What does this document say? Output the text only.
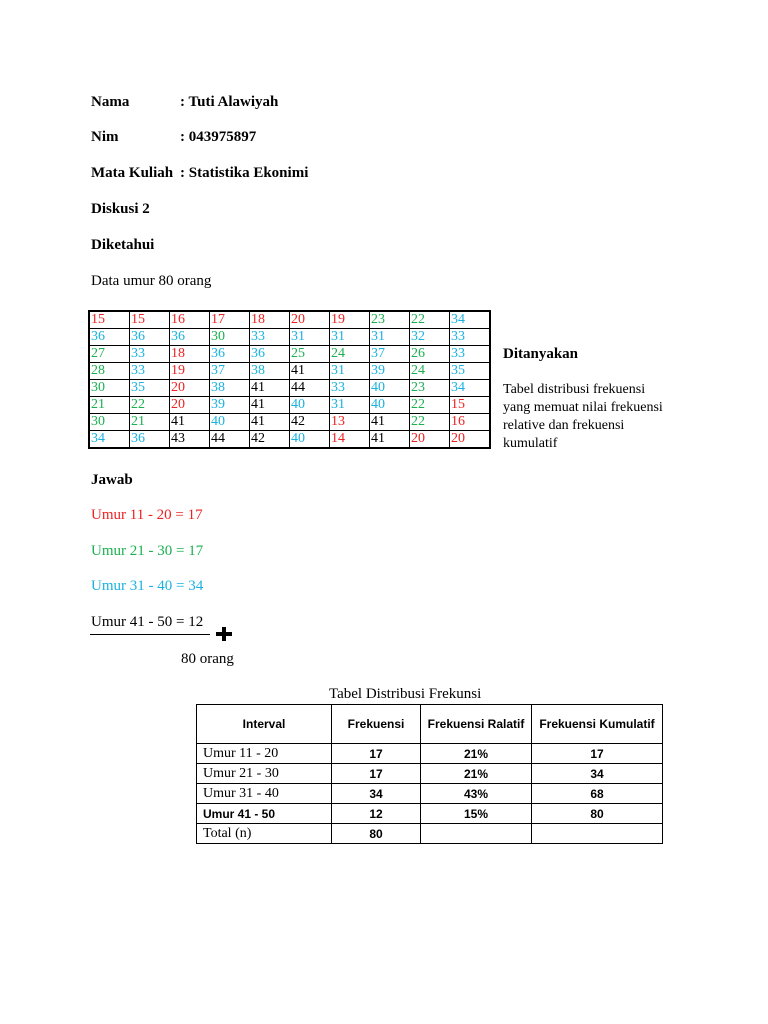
Nama	: Tuti Alawiyah
Nim	: 043975897
Mata Kuliah : Statistika Ekonimi
Diskusi 2
Diketahui
Data umur 80 orang
15	15	16	17	18	20	19	23	22	34
36	36	36	30	33	31	31	31	32	33
27	33	18	36	36	25	24	37	26	33
28	33	19	37	38	41	31	39	24	35
30	35	20	38	41	44	33	40	23	34
21	22	20	39	41	40	31	40	22	15
30	21	41	40	41	42	13	41	22	16
34	36	43	44	42	40	14	41	20	20
Ditanyakan
Tabel distribusi frekuensi
yang memuat nilai frekuensi
relative dan frekuensi
kumulatif
Jawab
Umur 11 - 20 = 17
Umur 21 - 30 = 17
Umur 31 - 40 = 34
Umur 41 - 50 = 12
80 orang
Tabel Distribusi Frekunsi
Interval	Frekuensi	Frekuensi Ralatif	Frekuensi Kumulatif
Umur 11 - 20	17	21%	17
Umur 21 - 30	17	21%	34
Umur 31 - 40	34	43%	68
Umur 41 - 50	12	15%	80
Total (n)	80		
